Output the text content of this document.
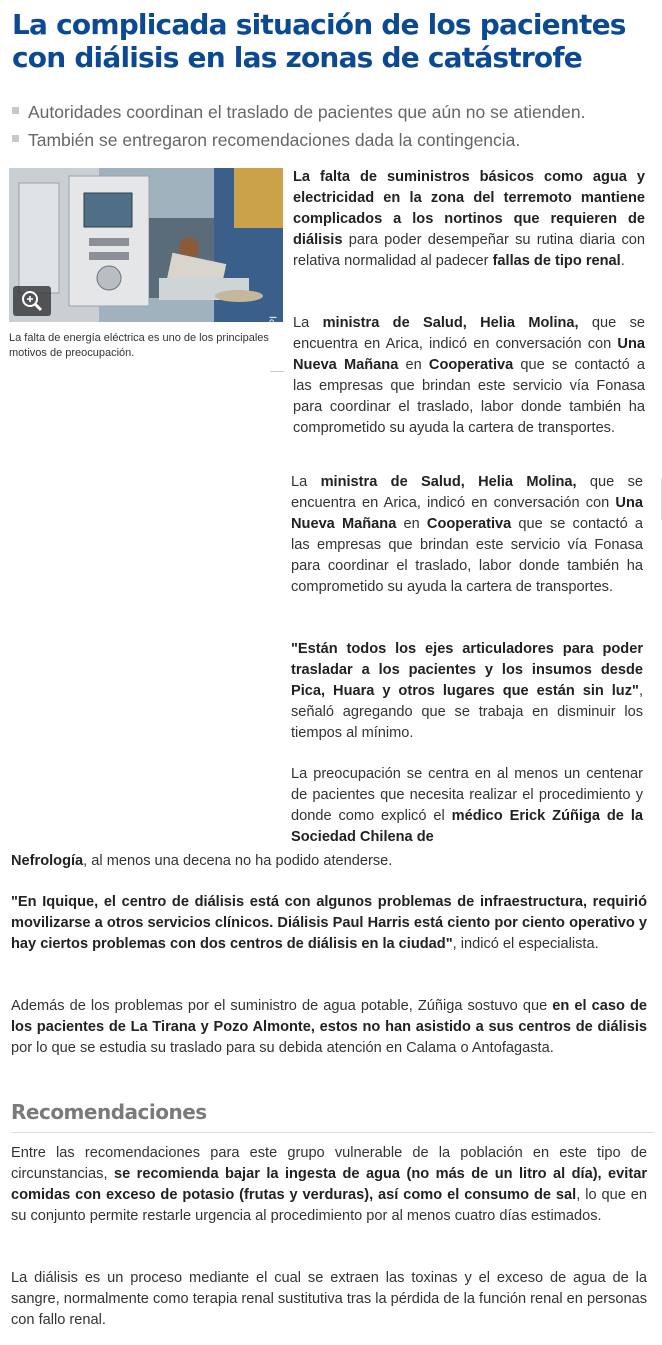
La complicada situación de los pacientes con diálisis en las zonas de catástrofe
Autoridades coordinan el traslado de pacientes que aún no se atienden.
También se entregaron recomendaciones dada la contingencia.
UPI
La falta de energía eléctrica es uno de los principales motivos de preocupación.

La falta de suministros básicos como agua y electricidad en la zona del terremoto mantiene complicados a los nortinos que requieren de diálisis para poder desempeñar su rutina diaria con relativa normalidad al padecer fallas de tipo renal.

La ministra de Salud, Helia Molina, que se encuentra en Arica, indicó en conversación con Una Nueva Mañana en Cooperativa que se contactó a las empresas que brindan este servicio vía Fonasa para coordinar el traslado, labor donde también ha comprometido su ayuda la cartera de transportes.

La ministra de Salud, Helia Molina, que se encuentra en Arica, indicó en conversación con Una Nueva Mañana en Cooperativa que se contactó a las empresas que brindan este servicio vía Fonasa para coordinar el traslado, labor donde también ha comprometido su ayuda la cartera de transportes.

"Están todos los ejes articuladores para poder trasladar a los pacientes y los insumos desde Pica, Huara y otros lugares que están sin luz", señaló agregando que se trabaja en disminuir los tiempos al mínimo.

La preocupación se centra en al menos un centenar de pacientes que necesita realizar el procedimiento y donde como explicó el médico Erick Zúñiga de la Sociedad Chilena de

Nefrología, al menos una decena no ha podido atenderse.

"En Iquique, el centro de diálisis está con algunos problemas de infraestructura, requirió movilizarse a otros servicios clínicos. Diálisis Paul Harris está ciento por ciento operativo y hay ciertos problemas con dos centros de diálisis en la ciudad", indicó el especialista.

Además de los problemas por el suministro de agua potable, Zúñiga sostuvo que en el caso de los pacientes de La Tirana y Pozo Almonte, estos no han asistido a sus centros de diálisis por lo que se estudia su traslado para su debida atención en Calama o Antofagasta.

Recomendaciones

Entre las recomendaciones para este grupo vulnerable de la población en este tipo de circunstancias, se recomienda bajar la ingesta de agua (no más de un litro al día), evitar comidas con exceso de potasio (frutas y verduras), así como el consumo de sal, lo que en su conjunto permite restarle urgencia al procedimiento por al menos cuatro días estimados.

La diálisis es un proceso mediante el cual se extraen las toxinas y el exceso de agua de la sangre, normalmente como terapia renal sustitutiva tras la pérdida de la función renal en personas con fallo renal.
